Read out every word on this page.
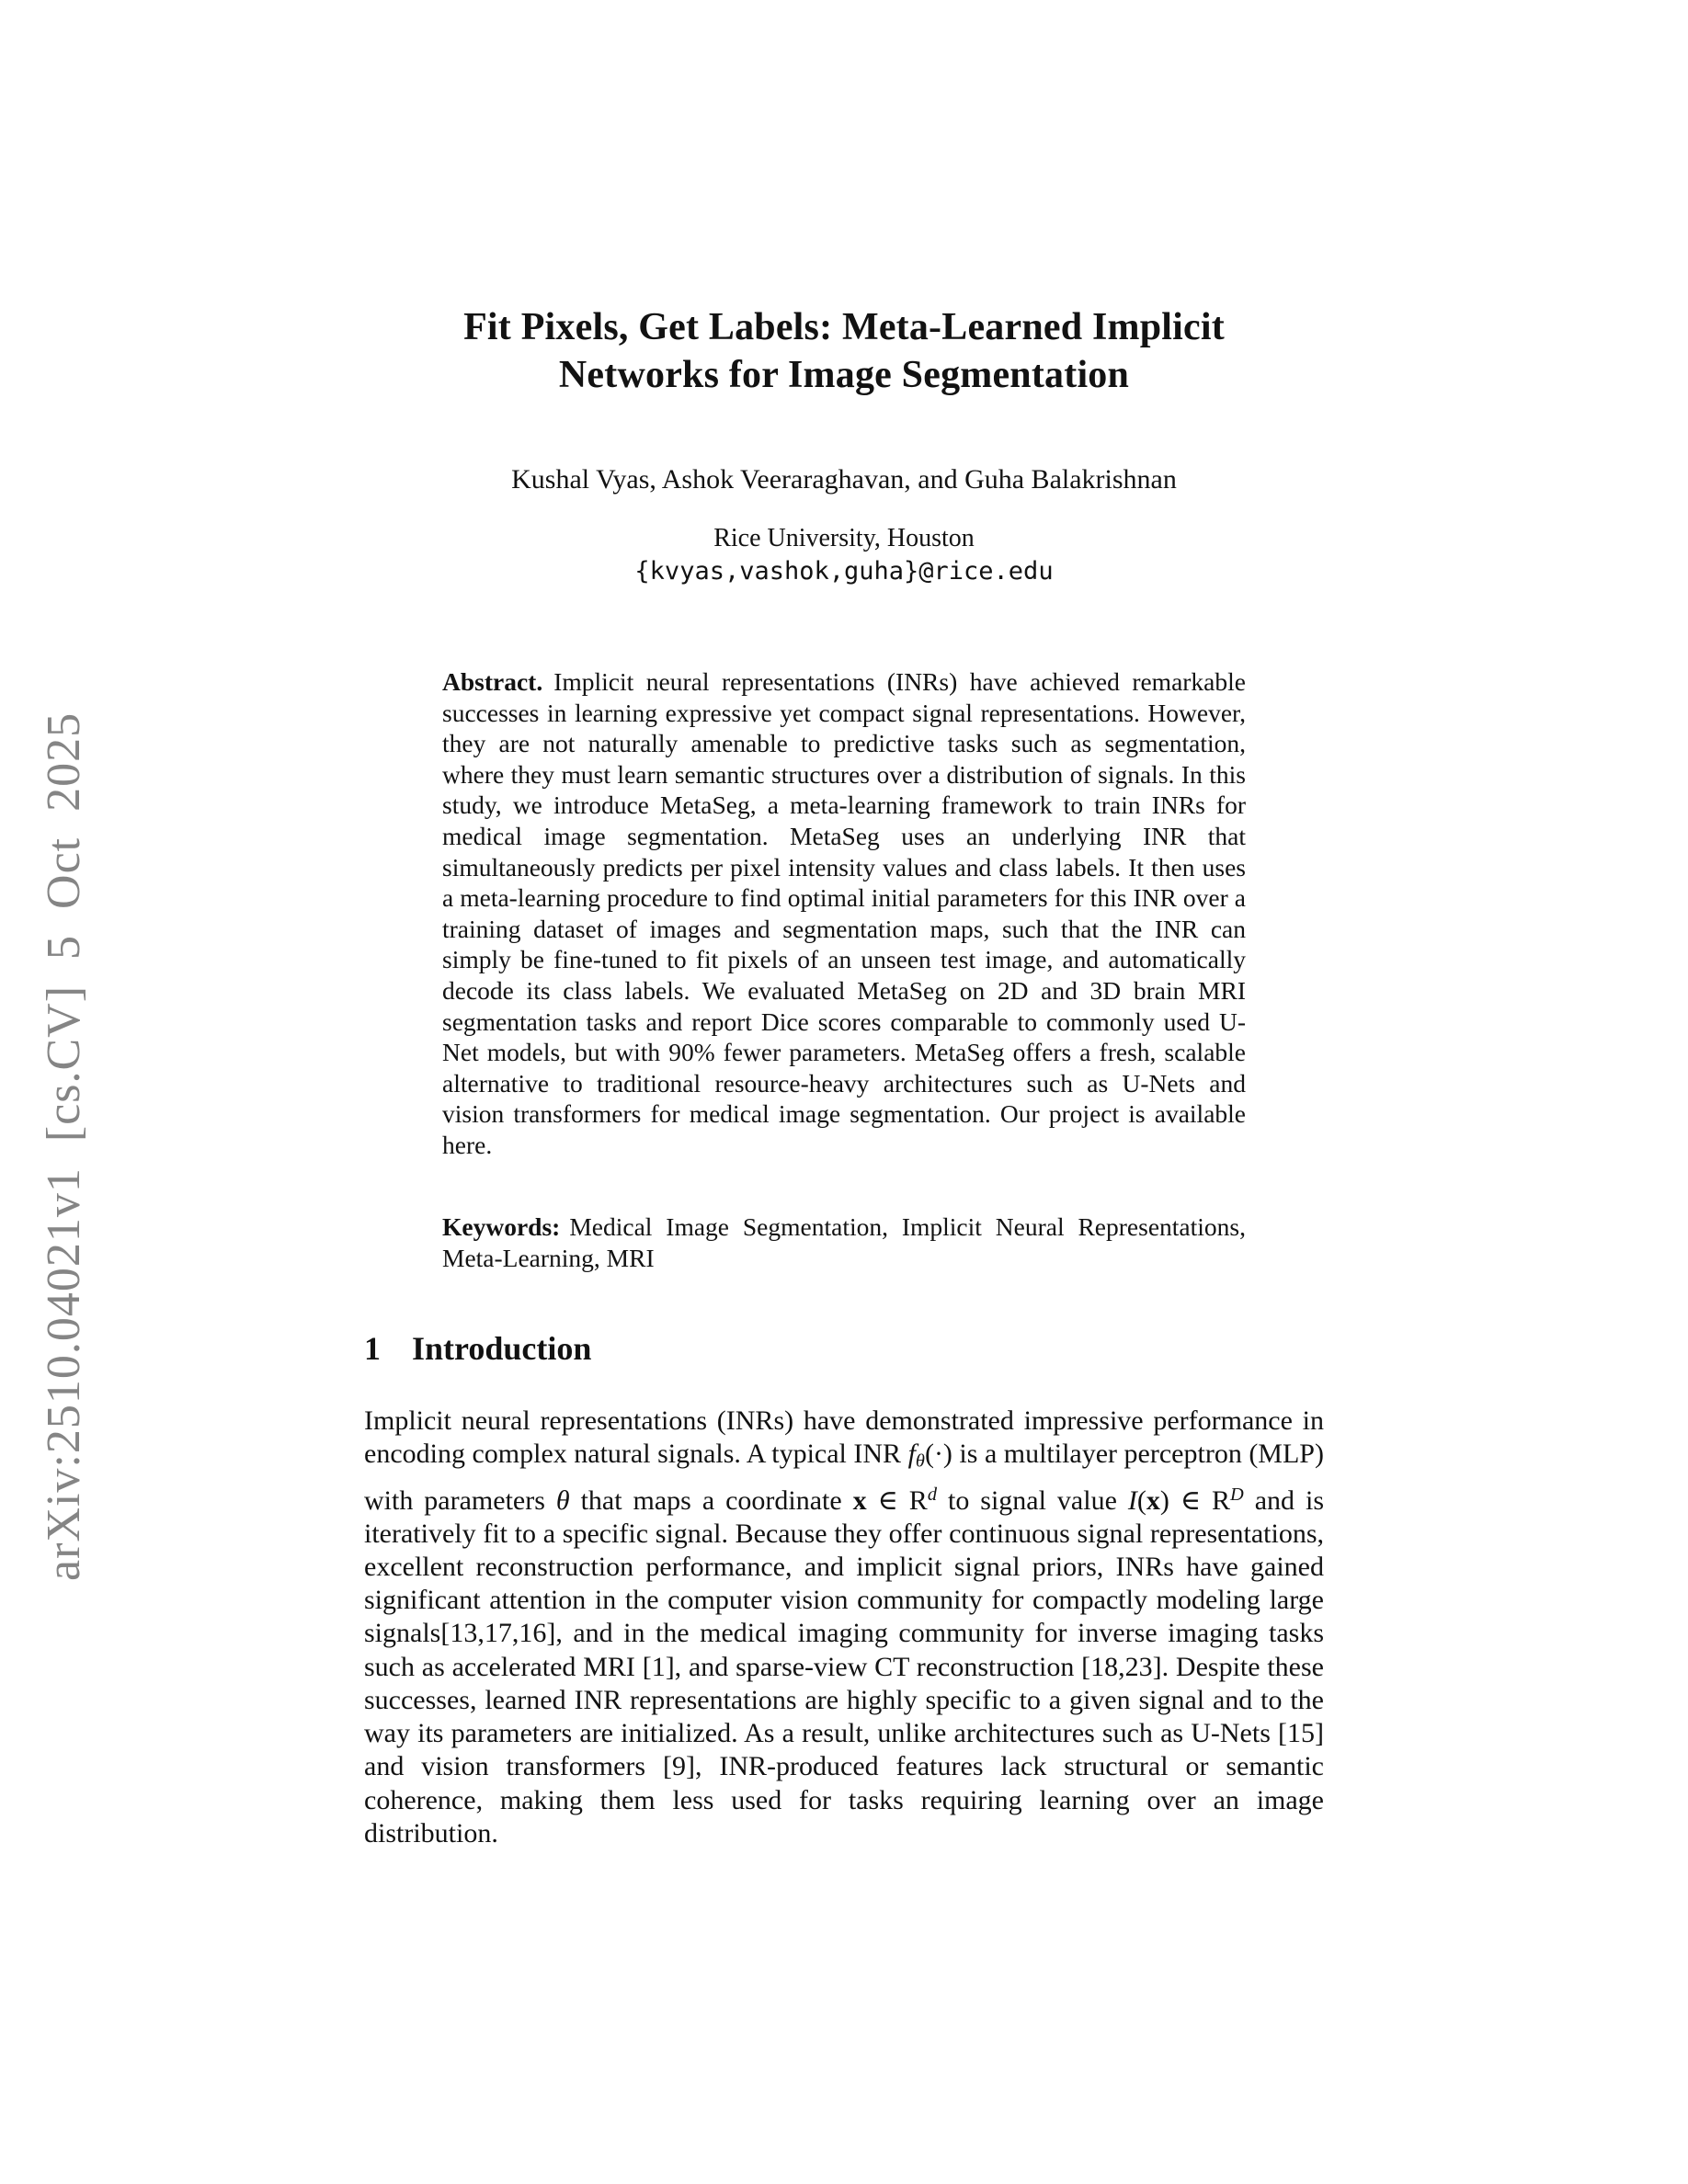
arXiv:2510.04021v1 [cs.CV] 5 Oct 2025
Fit Pixels, Get Labels: Meta-Learned Implicit
Networks for Image Segmentation
Kushal Vyas, Ashok Veeraraghavan, and Guha Balakrishnan
Rice University, Houston
{kvyas,vashok,guha}@rice.edu
Abstract. Implicit neural representations (INRs) have achieved remarkable successes in learning expressive yet compact signal representations. However, they are not naturally amenable to predictive tasks such as segmentation, where they must learn semantic structures over a distribution of signals. In this study, we introduce MetaSeg, a meta-learning framework to train INRs for medical image segmentation. MetaSeg uses an underlying INR that simultaneously predicts per pixel intensity values and class labels. It then uses a meta-learning procedure to find optimal initial parameters for this INR over a training dataset of images and segmentation maps, such that the INR can simply be fine-tuned to fit pixels of an unseen test image, and automatically decode its class labels. We evaluated MetaSeg on 2D and 3D brain MRI segmentation tasks and report Dice scores comparable to commonly used U-Net models, but with 90% fewer parameters. MetaSeg offers a fresh, scalable alternative to traditional resource-heavy architectures such as U-Nets and vision transformers for medical image segmentation. Our project is available here.
Keywords: Medical Image Segmentation, Implicit Neural Representations, Meta-Learning, MRI
1 Introduction
Implicit neural representations (INRs) have demonstrated impressive performance in encoding complex natural signals. A typical INR fθ(·) is a multilayer perceptron (MLP) with parameters θ that maps a coordinate x ∈ $R^d$ to signal value I(x) ∈ $R^D$ and is iteratively fit to a specific signal. Because they offer continuous signal representations, excellent reconstruction performance, and implicit signal priors, INRs have gained significant attention in the computer vision community for compactly modeling large signals[13,17,16], and in the medical imaging community for inverse imaging tasks such as accelerated MRI [1], and sparse-view CT reconstruction [18,23]. Despite these successes, learned INR representations are highly specific to a given signal and to the way its parameters are initialized. As a result, unlike architectures such as U-Nets [15] and vision transformers [9], INR-produced features lack structural or semantic coherence, making them less used for tasks requiring learning over an image distribution.
